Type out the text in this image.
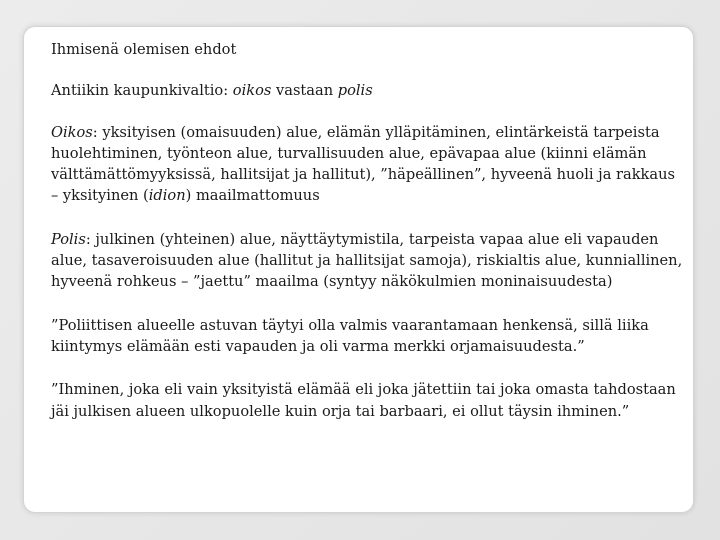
Ihmisenä olemisen ehdot

Antiikin kaupunkivaltio: oikos vastaan polis

Oikos: yksityisen (omaisuuden) alue, elämän ylläpitäminen, elintärkeistä tarpeista huolehtiminen, työnteon alue, turvallisuuden alue, epävapaa alue (kiinni elämän välttämättömyyksissä, hallitsijat ja hallitut), ”häpeällinen”, hyveenä huoli ja rakkaus – yksityinen (idion) maailmattomuus

Polis: julkinen (yhteinen) alue, näyttäytymistila, tarpeista vapaa alue eli vapauden alue, tasaveroisuuden alue (hallitut ja hallitsijat samoja), riskialtis alue, kunniallinen, hyveenä rohkeus – ”jaettu” maailma (syntyy näkökulmien moninaisuudesta)

”Poliittisen alueelle astuvan täytyi olla valmis vaarantamaan henkensä, sillä liika kiintymys elämään esti vapauden ja oli varma merkki orjamaisuudesta.”

”Ihminen, joka eli vain yksityistä elämää eli joka jätettiin tai joka omasta tahdostaan jäi julkisen alueen ulkopuolelle kuin orja tai barbaari, ei ollut täysin ihminen.”
